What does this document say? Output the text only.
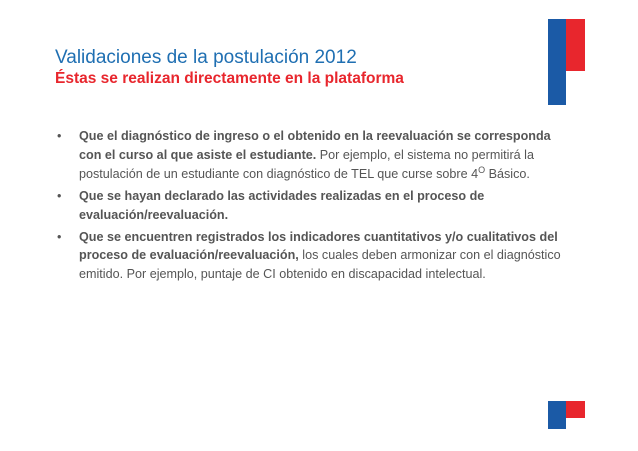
Validaciones de la postulación 2012
Éstas se realizan directamente en la plataforma
• Que el diagnóstico de ingreso o el obtenido en la reevaluación se corresponda con el curso al que asiste el estudiante. Por ejemplo, el sistema no permitirá la postulación de un estudiante con diagnóstico de TEL que curse sobre $4^O$ Básico.
• Que se hayan declarado las actividades realizadas en el proceso de evaluación/reevaluación.
• Que se encuentren registrados los indicadores cuantitativos y/o cualitativos del proceso de evaluación/reevaluación, los cuales deben armonizar con el diagnóstico emitido. Por ejemplo, puntaje de CI obtenido en discapacidad intelectual.
